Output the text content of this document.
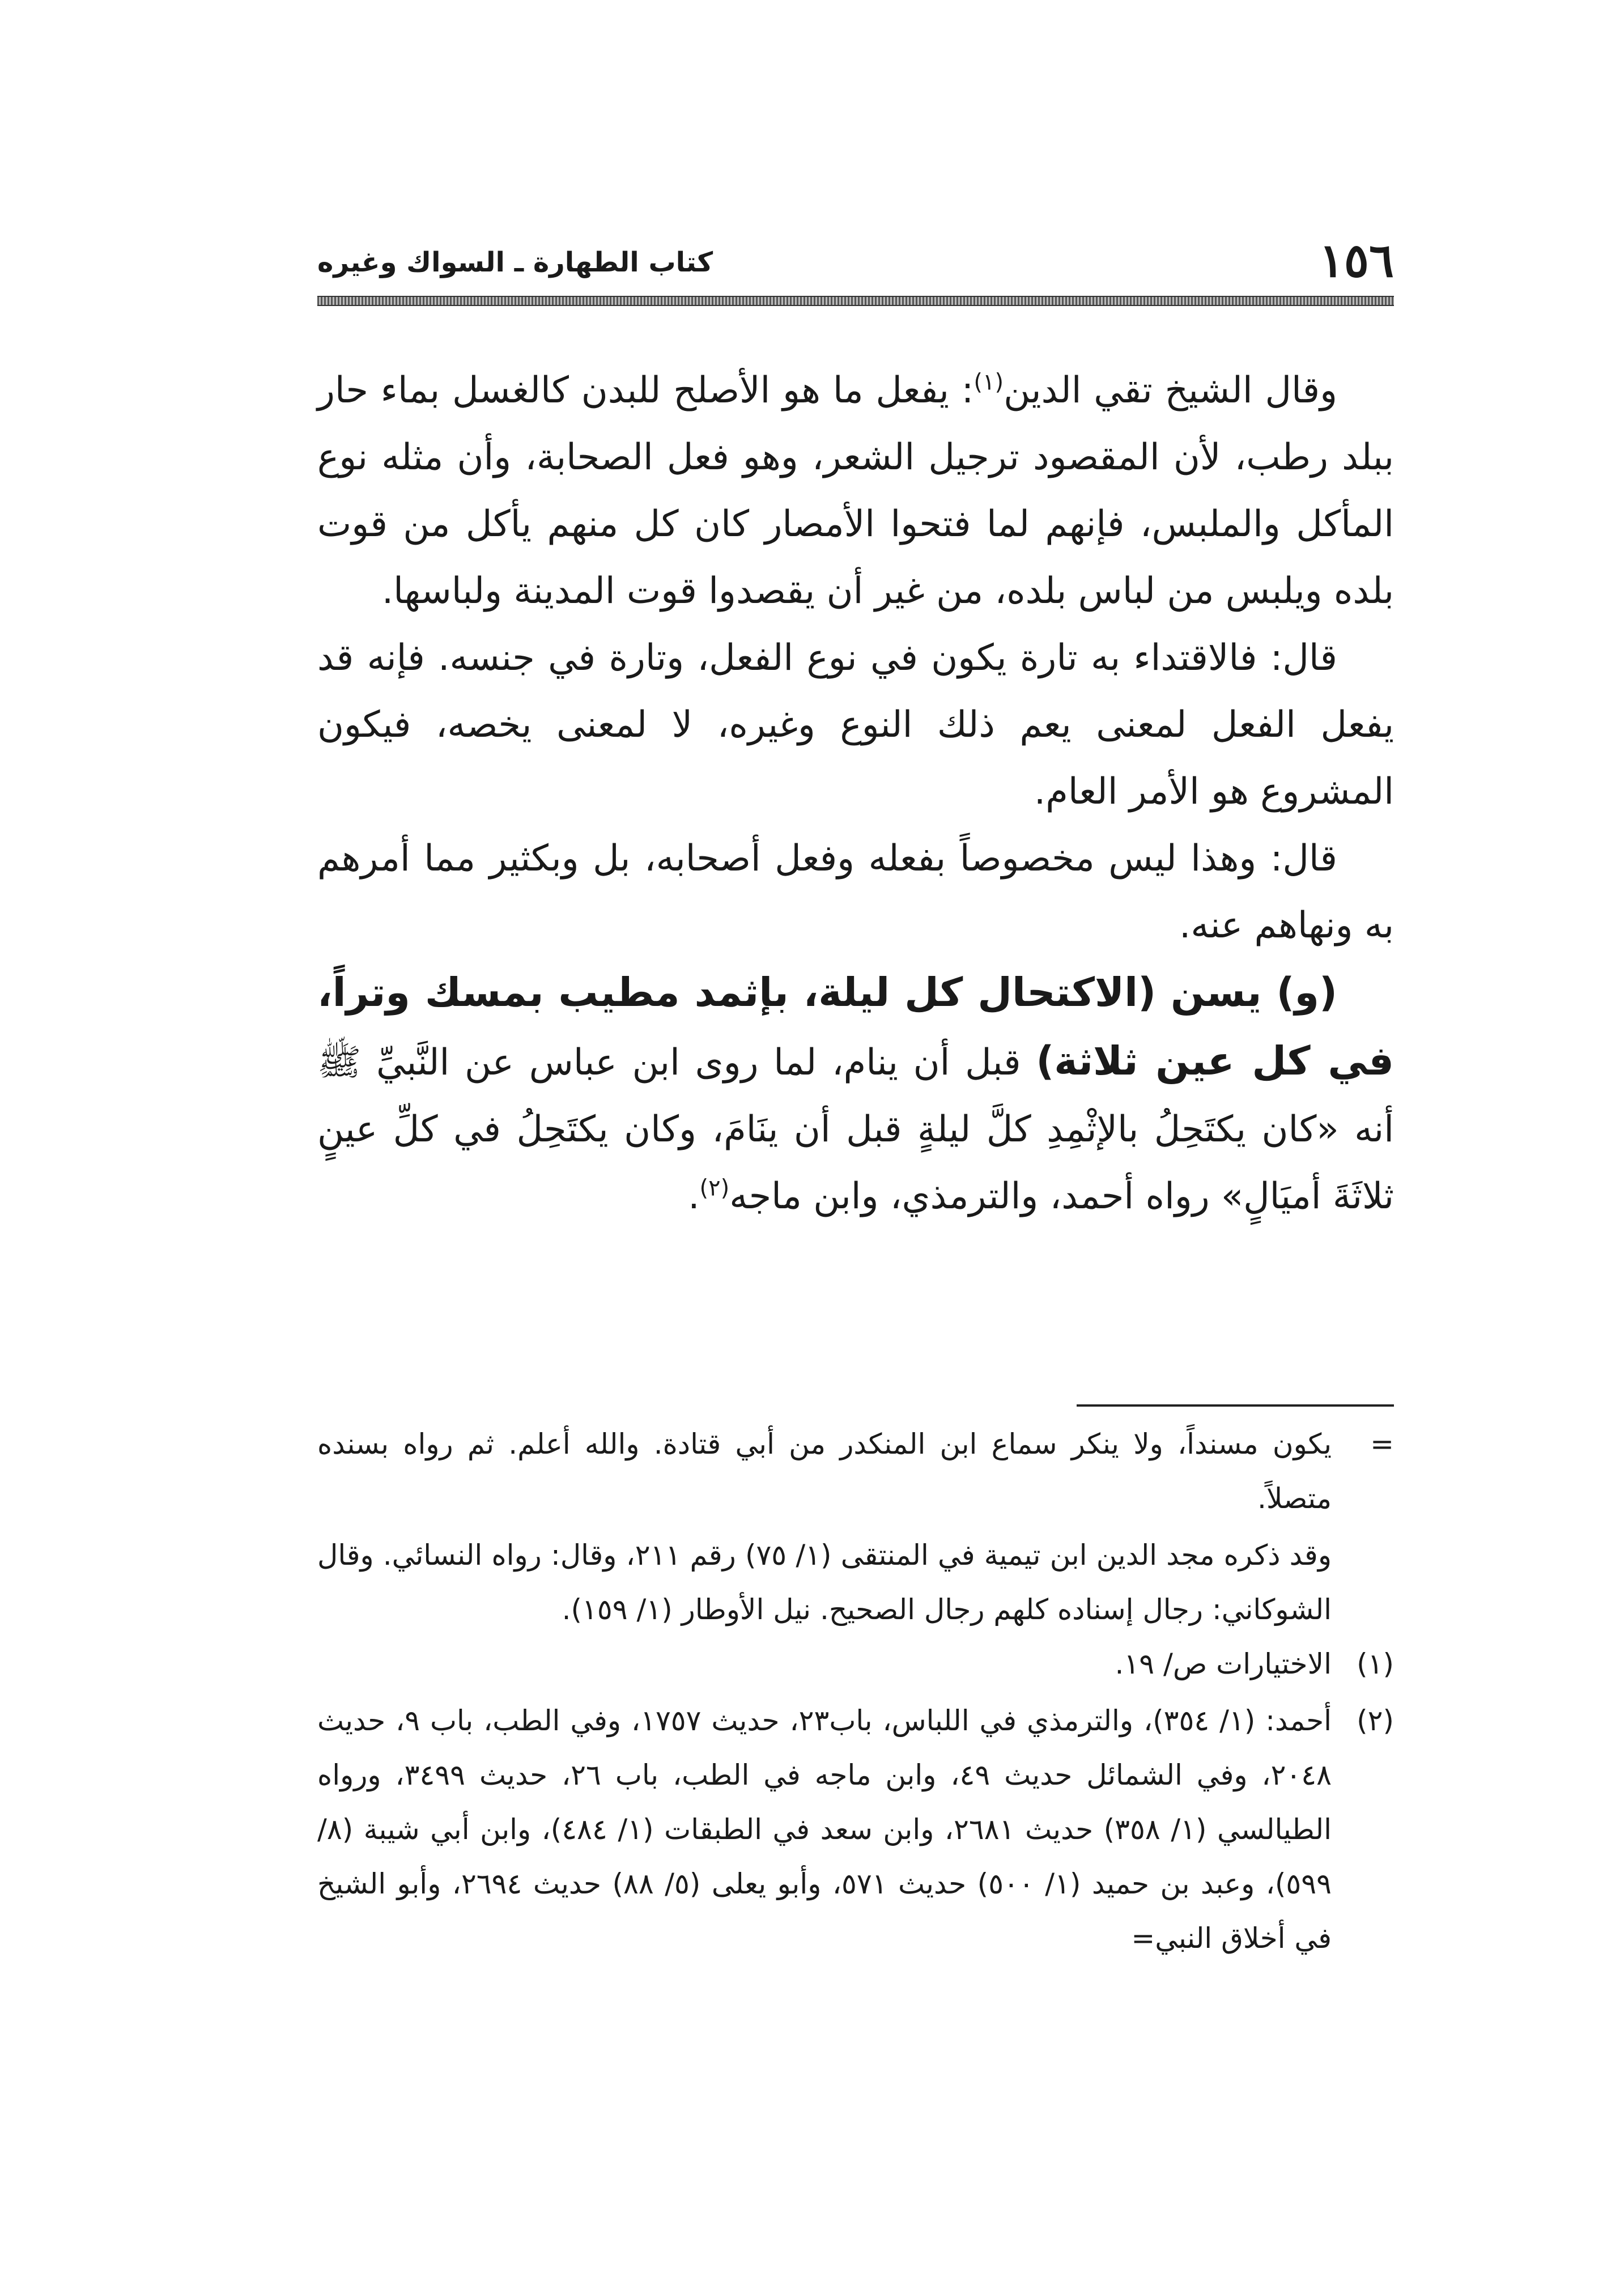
١٥٦
كتاب الطهارة ـ السواك وغيره

وقال الشيخ تقي الدين$^{(١)}$: يفعل ما هو الأصلح للبدن كالغسل بماء حار ببلد رطب، لأن المقصود ترجيل الشعر، وهو فعل الصحابة، وأن مثله نوع المأكل والملبس، فإنهم لما فتحوا الأمصار كان كل منهم يأكل من قوت بلده ويلبس من لباس بلده، من غير أن يقصدوا قوت المدينة ولباسها.

قال: فالاقتداء به تارة يكون في نوع الفعل، وتارة في جنسه. فإنه قد يفعل الفعل لمعنى يعم ذلك النوع وغيره، لا لمعنى يخصه، فيكون المشروع هو الأمر العام.

قال: وهذا ليس مخصوصاً بفعله وفعل أصحابه، بل وبكثير مما أمرهم به ونهاهم عنه.

(و) يسن (الاكتحال كل ليلة، بإثمد مطيب بمسك وتراً، في كل عين ثلاثة) قبل أن ينام، لما روى ابن عباس عن النَّبيِّ ﷺ أنه «كان يكتَحِلُ بالإثْمِدِ كلَّ ليلةٍ قبل أن ينَامَ، وكان يكتَحِلُ في كلِّ عينٍ ثلاثَةَ أميَالٍ» رواه أحمد، والترمذي، وابن ماجه$^{(٢)}$.

=
يكون مسنداً، ولا ينكر سماع ابن المنكدر من أبي قتادة. والله أعلم. ثم رواه بسنده متصلاً.

وقد ذكره مجد الدين ابن تيمية في المنتقى (١/ ٧٥) رقم ٢١١، وقال: رواه النسائي. وقال الشوكاني: رجال إسناده كلهم رجال الصحيح. نيل الأوطار (١/ ١٥٩).

(١)
الاختيارات ص/ ١٩.

(٢)
أحمد: (١/ ٣٥٤)، والترمذي في اللباس، باب٢٣، حديث ١٧٥٧، وفي الطب، باب ٩، حديث ٢٠٤٨، وفي الشمائل حديث ٤٩، وابن ماجه في الطب، باب ٢٦، حديث ٣٤٩٩، ورواه الطيالسي (١/ ٣٥٨) حديث ٢٦٨١، وابن سعد في الطبقات (١/ ٤٨٤)، وابن أبي شيبة (٨/ ٥٩٩)، وعبد بن حميد (١/ ٥٠٠) حديث ٥٧١، وأبو يعلى (٥/ ٨٨) حديث ٢٦٩٤، وأبو الشيخ في أخلاق النبي=
